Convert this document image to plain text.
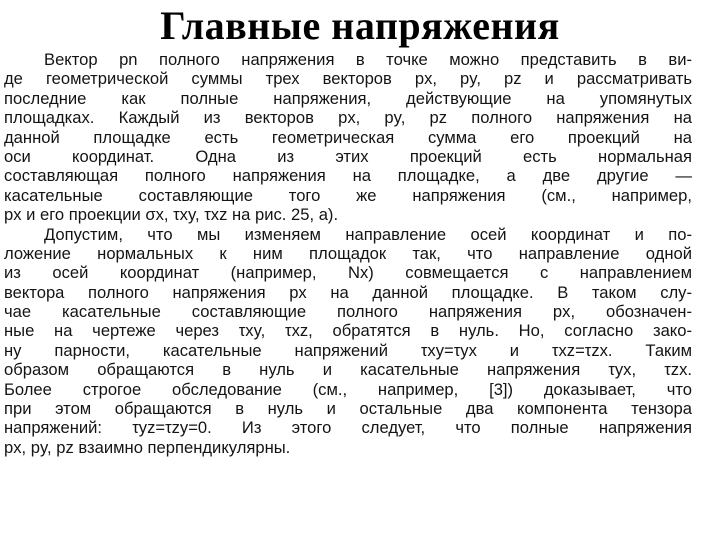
Главные напряжения

Вектор pn полного напряжения в точке можно представить в ви-
де геометрической суммы трех векторов px, py, pz и рассматривать
последние как полные напряжения, действующие на упомянутых
площадках. Каждый из векторов px, py, pz полного напряжения на
данной площадке есть геометрическая сумма его проекций на
оси координат. Одна из этих проекций есть нормальная
составляющая полного напряжения на площадке, а две другие —
касательные составляющие того же напряжения (см., например,
px и его проекции σx, τxy, τxz на рис. 25, a).

Допустим, что мы изменяем направление осей координат и по-
ложение нормальных к ним площадок так, что направление одной
из осей координат (например, Nx) совмещается с направлением
вектора полного напряжения px на данной площадке. В таком слу-
чае касательные составляющие полного напряжения px, обозначен-
ные на чертеже через τxy, τxz, обратятся в нуль. Но, согласно зако-
ну парности, касательные напряжений τxy=τyx и τxz=τzx. Таким
образом обращаются в нуль и касательные напряжения τyx, τzx.
Более строгое обследование (см., например, [3]) доказывает, что
при этом обращаются в нуль и остальные два компонента тензора
напряжений: τyz=τzy=0. Из этого следует, что полные напряжения
px, py, pz взаимно перпендикулярны.
